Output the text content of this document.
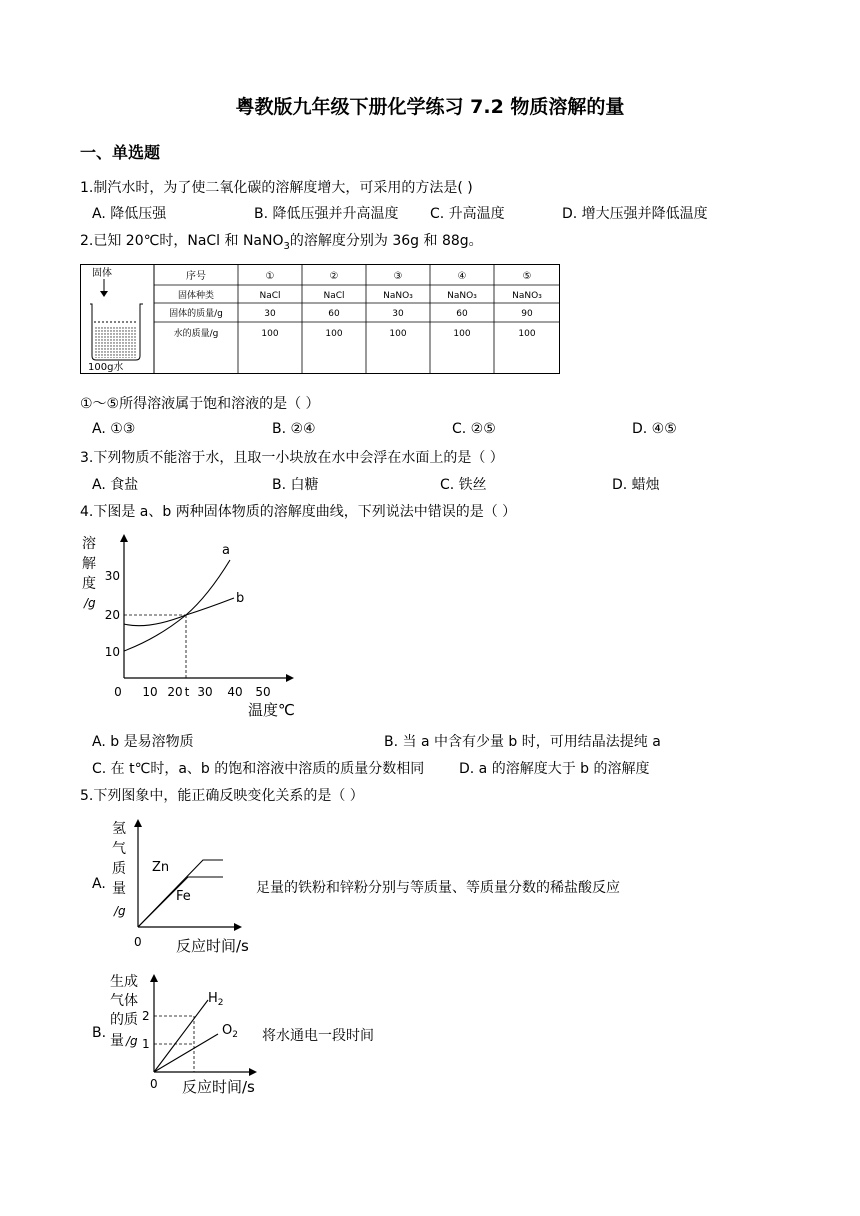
粤教版九年级下册化学练习 7.2 物质溶解的量
一、单选题
1.制汽水时，为了使二氧化碳的溶解度增大，可采用的方法是( )
A. 降低压强	B. 降低压强并升高温度 C. 升高温度	D. 增大压强并降低温度
2.已知 20℃时，NaCl 和 NaNO$_3$的溶解度分别为 36g 和 88g。
固体
100g水
序号	①	②	③	④	⑤
固体种类	NaCl	NaCl	NaNO₃	NaNO₃	NaNO₃
固体的质量/g	30	60	30	60	90
水的质量/g	100	100	100	100	100
①～⑤所得溶液属于饱和溶液的是（ ）
A. ①③	B. ②④	C. ②⑤	D. ④⑤
3.下列物质不能溶于水，且取一小块放在水中会浮在水面上的是（ ）
A. 食盐	B. 白糖	C. 铁丝	D. 蜡烛
4.下图是 a、b 两种固体物质的溶解度曲线，下列说法中错误的是（ ）
溶
解
度
/g
30
20
10
0 10 20 t 30 40 50
温度℃
a
b
A. b 是易溶物质	B. 当 a 中含有少量 b 时，可用结晶法提纯 a
C. 在 t℃时，a、b 的饱和溶液中溶质的质量分数相同 D. a 的溶解度大于 b 的溶解度
5.下列图象中，能正确反映变化关系的是（ ）
A.
氢
气
质
量
/g
0
Zn
Fe
反应时间/s
足量的铁粉和锌粉分别与等质量、等质量分数的稀盐酸反应
B.
生成
气体
的质
量 /g
0
2
1
$H_2$
$O_2$
反应时间/s
将水通电一段时间
